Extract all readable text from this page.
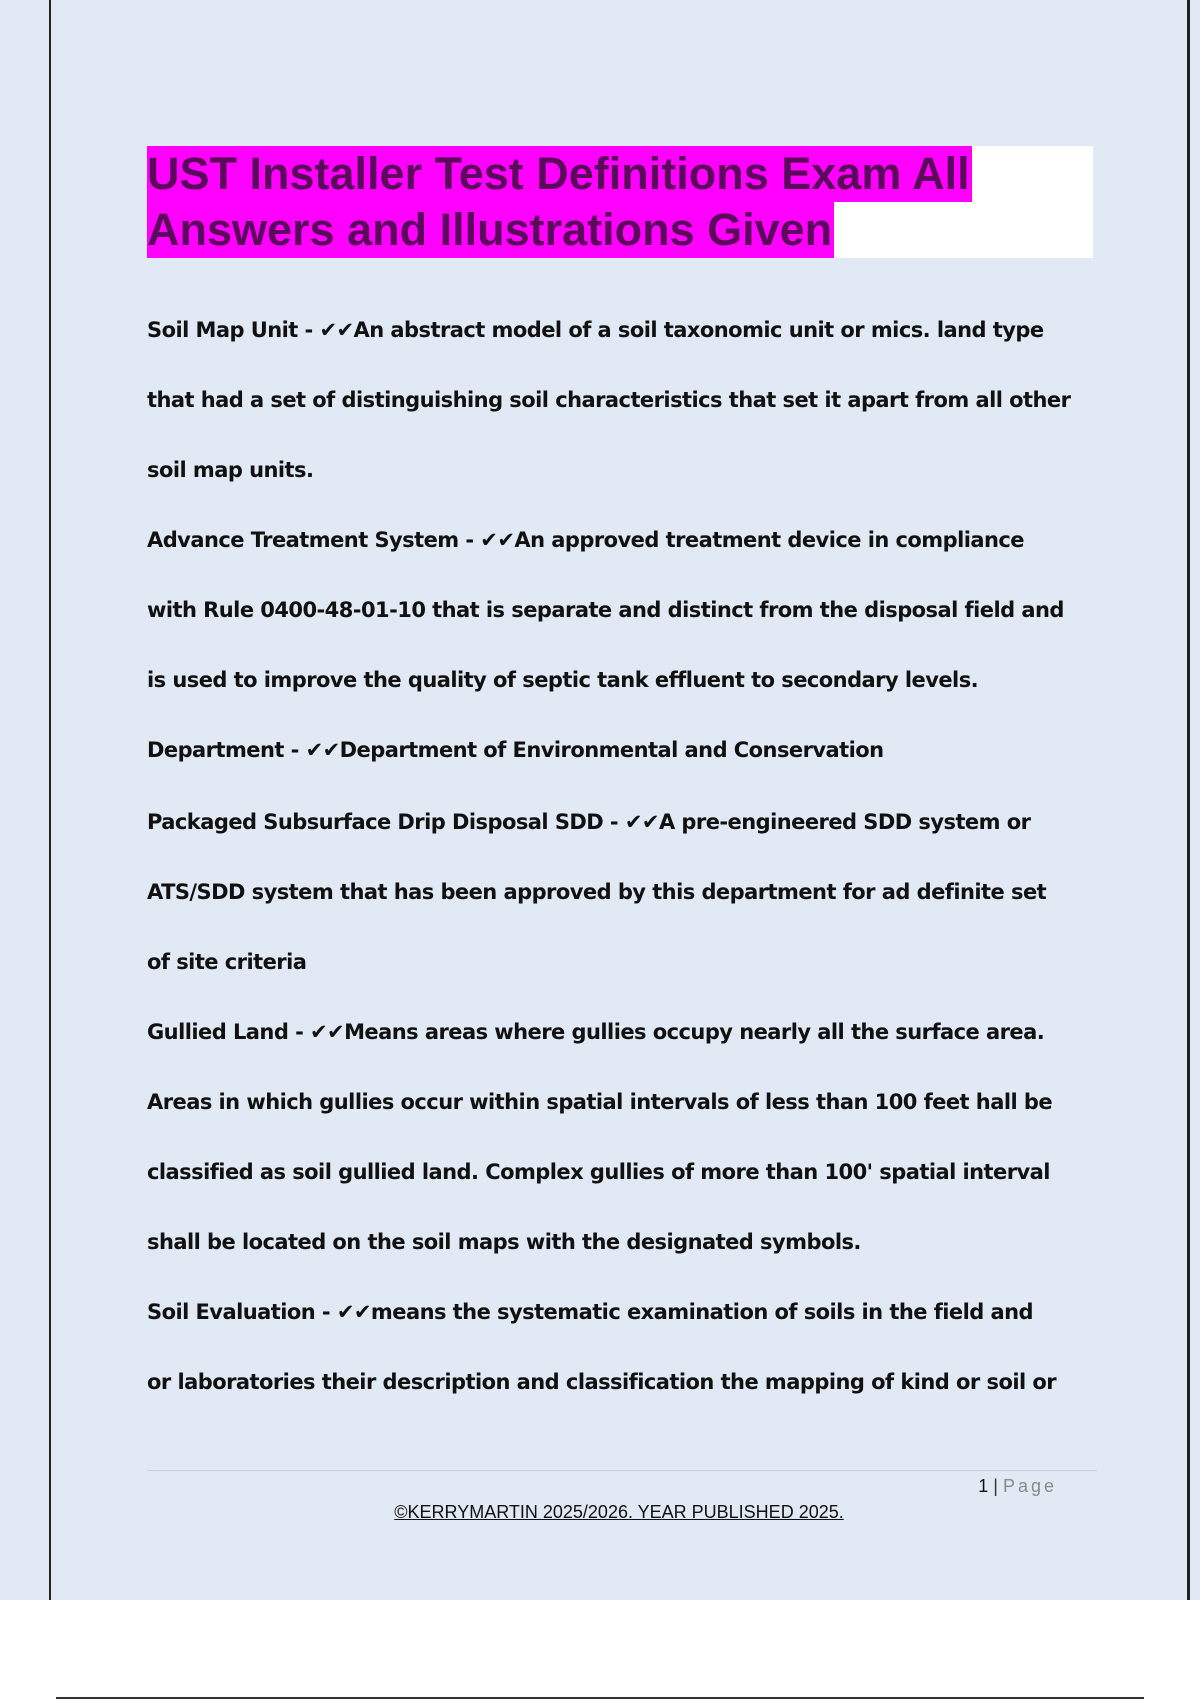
UST Installer Test Definitions Exam All
Answers and Illustrations Given
Soil Map Unit - ✔✔An abstract model of a soil taxonomic unit or mics. land type
that had a set of distinguishing soil characteristics that set it apart from all other
soil map units.
Advance Treatment System - ✔✔An approved treatment device in compliance
with Rule 0400-48-01-10 that is separate and distinct from the disposal field and
is used to improve the quality of septic tank effluent to secondary levels.
Department - ✔✔Department of Environmental and Conservation
Packaged Subsurface Drip Disposal SDD - ✔✔A pre-engineered SDD system or
ATS/SDD system that has been approved by this department for ad definite set
of site criteria
Gullied Land - ✔✔Means areas where gullies occupy nearly all the surface area.
Areas in which gullies occur within spatial intervals of less than 100 feet hall be
classified as soil gullied land. Complex gullies of more than 100' spatial interval
shall be located on the soil maps with the designated symbols.
Soil Evaluation - ✔✔means the systematic examination of soils in the field and
or laboratories their description and classification the mapping of kind or soil or
1 | Page
©KERRYMARTIN 2025/2026. YEAR PUBLISHED 2025.
